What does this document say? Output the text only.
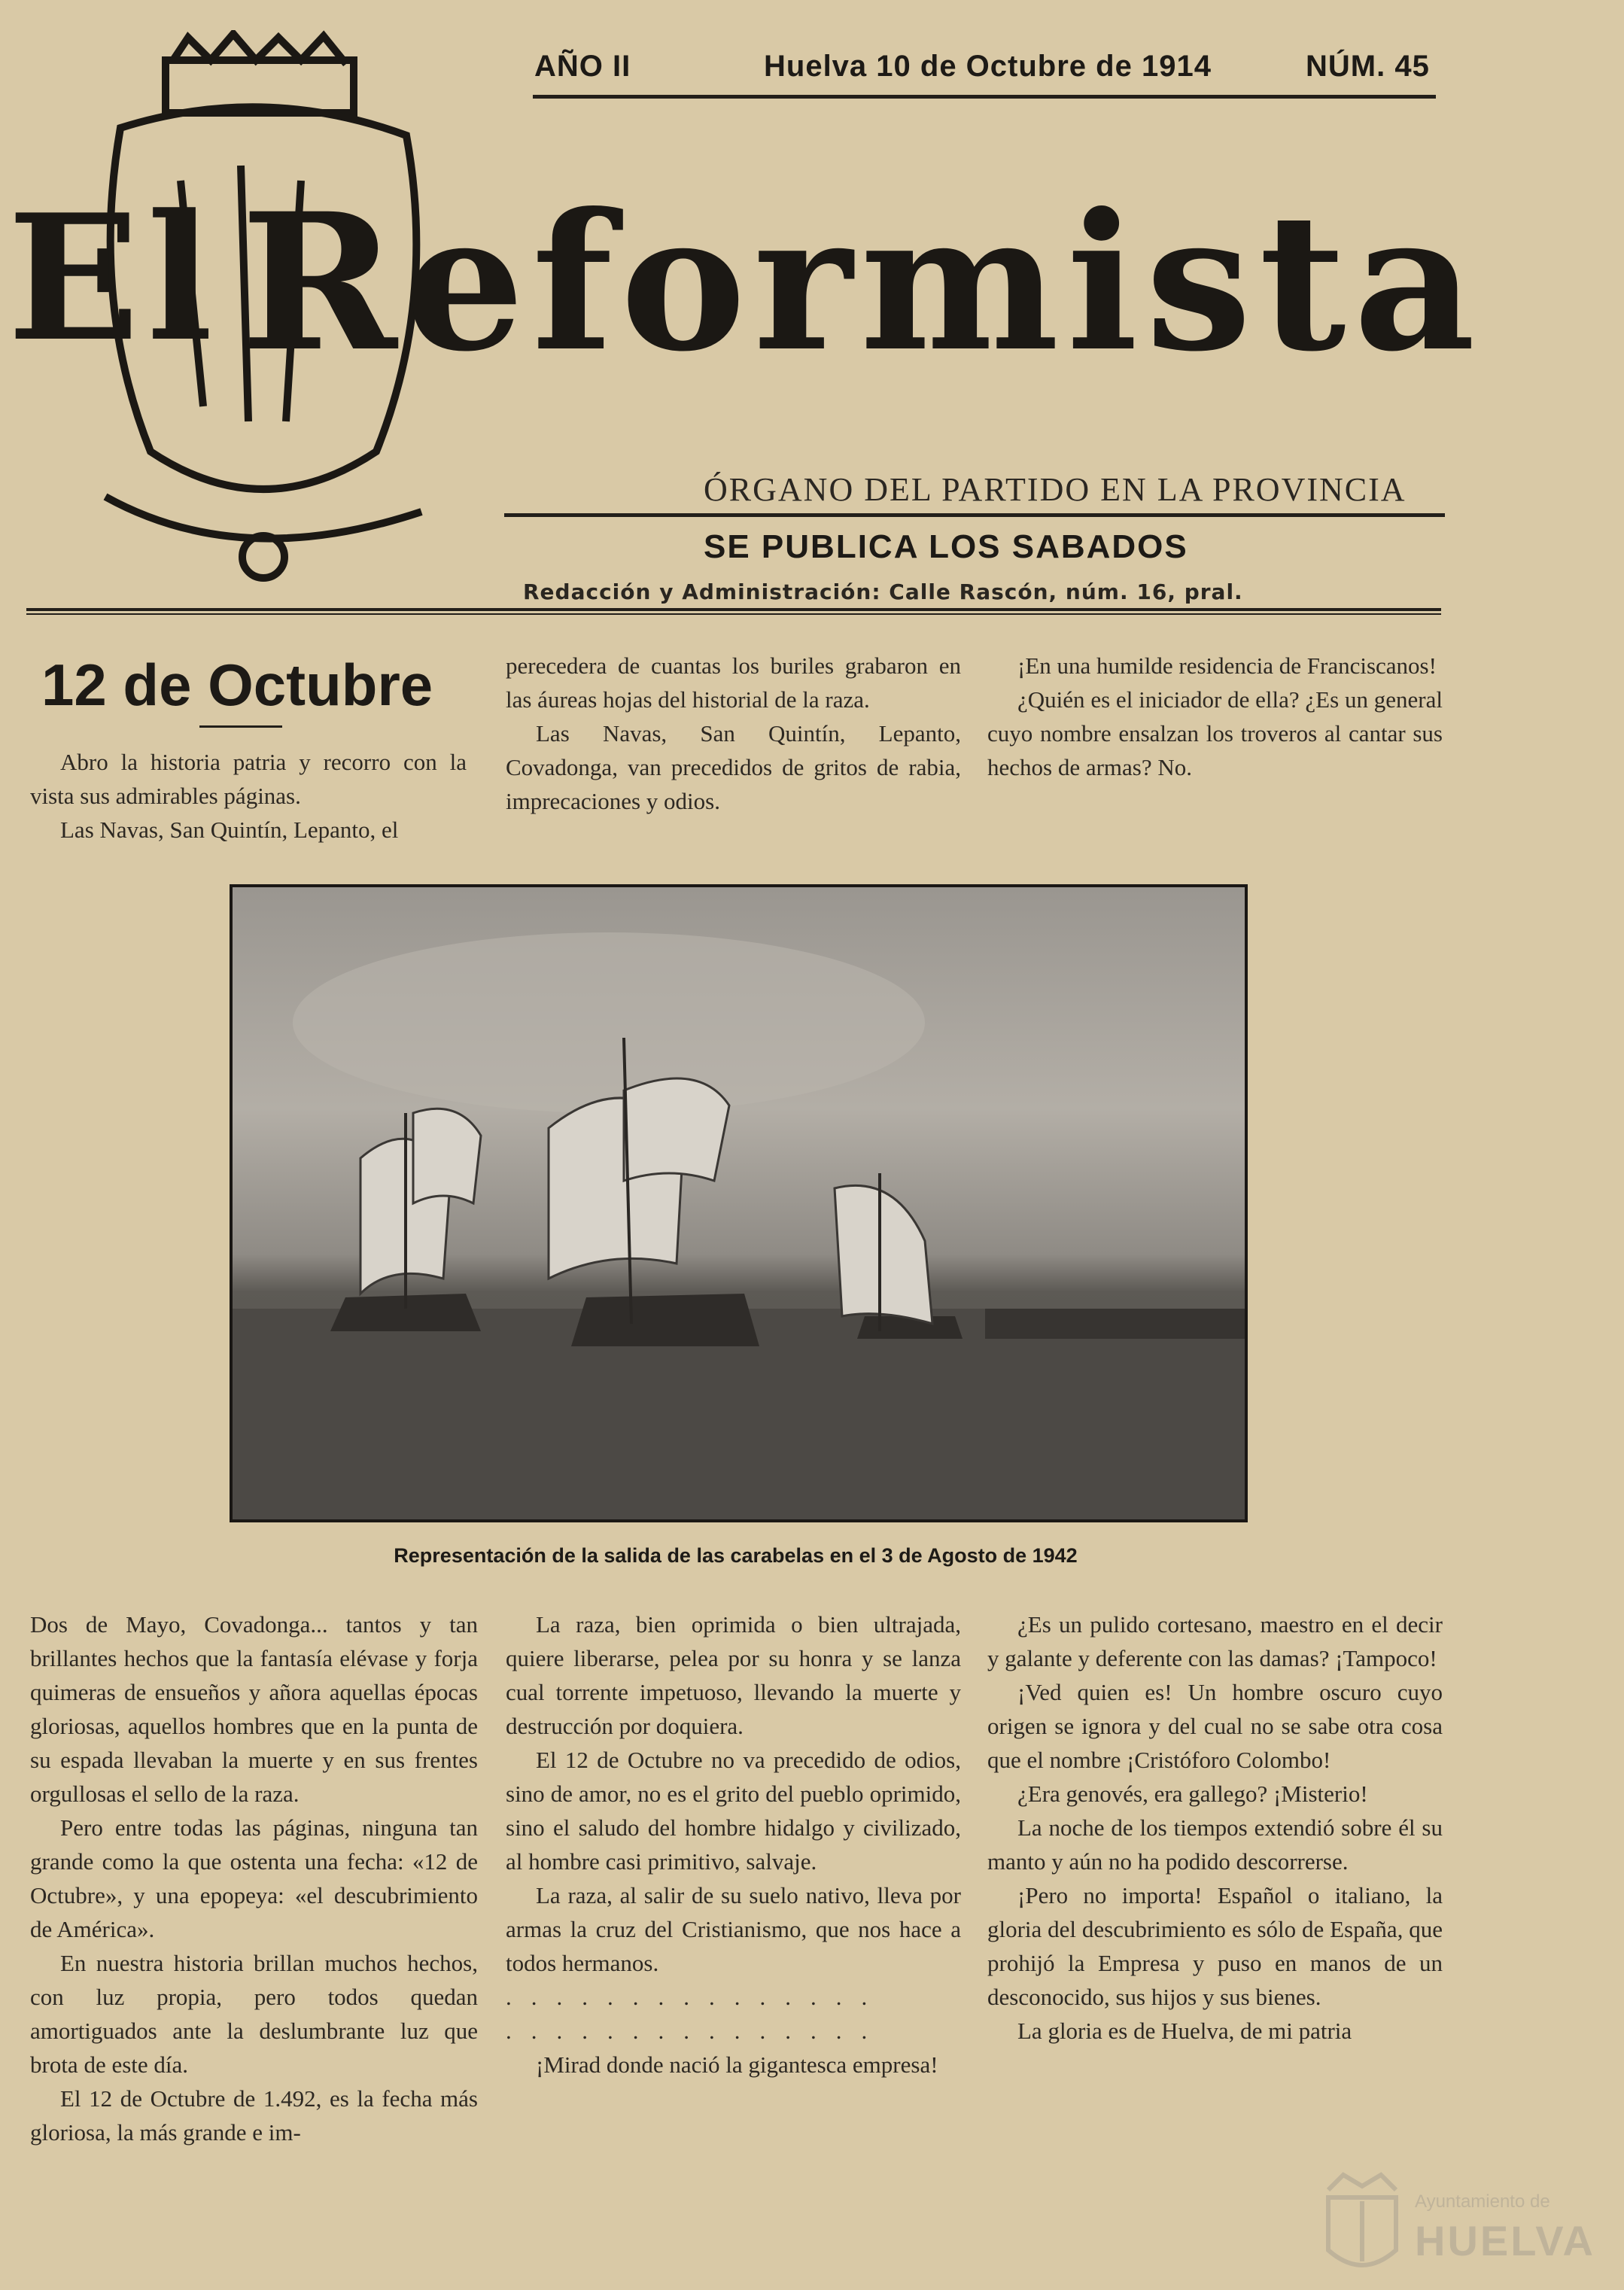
AÑO II	Huelva 10 de Octubre de 1914	NÚM. 45
El Reformista
ÓRGANO DEL PARTIDO EN LA PROVINCIA
SE PUBLICA LOS SABADOS
Redacción y Administración: Calle Rascón, núm. 16, pral.
12 de Octubre

Abro la historia patria y recorro con la vista sus admirables páginas.

Las Navas, San Quintín, Lepanto, el

perecedera de cuantas los buriles grabaron en las áureas hojas del historial de la raza.

Las Navas, San Quintín, Lepanto, Covadonga, van precedidos de gritos de rabia, imprecaciones y odios.

¡En una humilde residencia de Franciscanos!

¿Quién es el iniciador de ella? ¿Es un general cuyo nombre ensalzan los troveros al cantar sus hechos de armas? No.

Representación de la salida de las carabelas en el 3 de Agosto de 1942

Dos de Mayo, Covadonga... tantos y tan brillantes hechos que la fantasía elévase y forja quimeras de ensueños y añora aquellas épocas gloriosas, aquellos hombres que en la punta de su espada llevaban la muerte y en sus frentes orgullosas el sello de la raza.

Pero entre todas las páginas, ninguna tan grande como la que ostenta una fecha: «12 de Octubre», y una epopeya: «el descubrimiento de América».

En nuestra historia brillan muchos hechos, con luz propia, pero todos quedan amortiguados ante la deslumbrante luz que brota de este día.

El 12 de Octubre de 1.492, es la fecha más gloriosa, la más grande e im-

La raza, bien oprimida o bien ultrajada, quiere liberarse, pelea por su honra y se lanza cual torrente impetuoso, llevando la muerte y destrucción por doquiera.

El 12 de Octubre no va precedido de odios, sino de amor, no es el grito del pueblo oprimido, sino el saludo del hombre hidalgo y civilizado, al hombre casi primitivo, salvaje.

La raza, al salir de su suelo nativo, lleva por armas la cruz del Cristianismo, que nos hace a todos hermanos.

...............

...............

¡Mirad donde nació la gigantesca empresa!

¿Es un pulido cortesano, maestro en el decir y galante y deferente con las damas? ¡Tampoco!

¡Ved quien es! Un hombre oscuro cuyo origen se ignora y del cual no se sabe otra cosa que el nombre ¡Cristóforo Colombo!

¿Era genovés, era gallego? ¡Misterio!

La noche de los tiempos extendió sobre él su manto y aún no ha podido descorrerse.

¡Pero no importa! Español o italiano, la gloria del descubrimiento es sólo de España, que prohijó la Empresa y puso en manos de un desconocido, sus hijos y sus bienes.

La gloria es de Huelva, de mi patria

Ayuntamiento de
HUELVA
